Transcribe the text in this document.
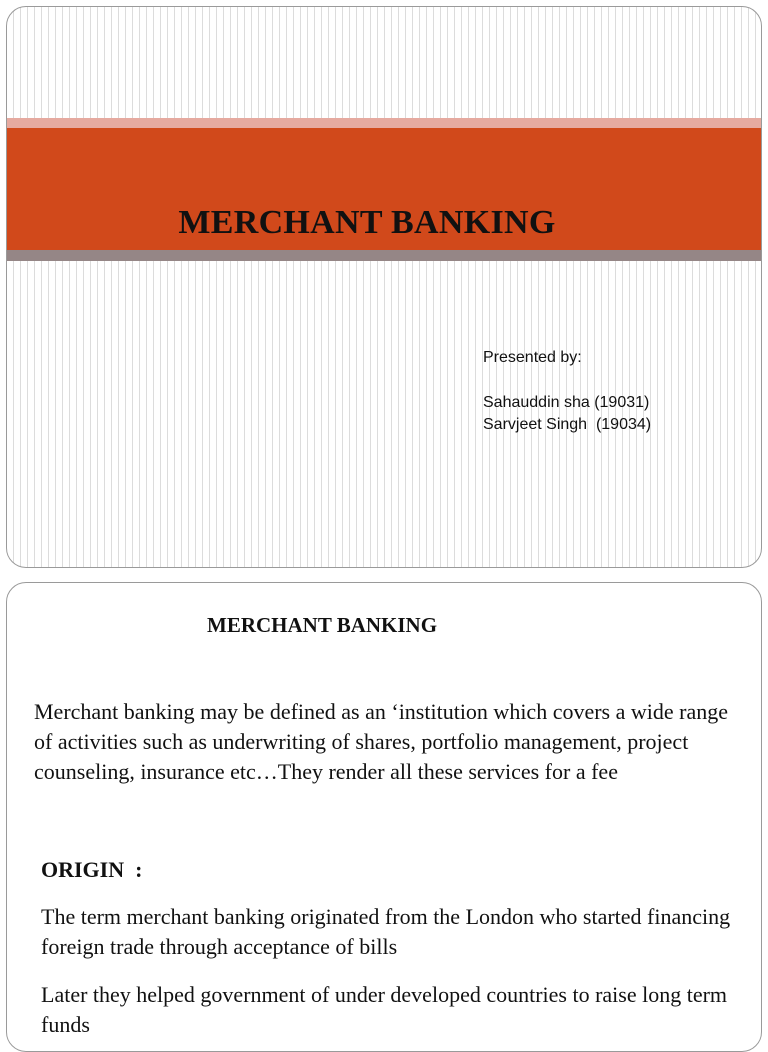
MERCHANT BANKING
Presented by:
Sahauddin sha (19031)
Sarvjeet Singh  (19034)
MERCHANT BANKING

Merchant banking may be defined as an ‘institution which covers a wide range of activities such as underwriting of shares, portfolio management, project counseling, insurance etc…They render all these services for a fee

ORIGIN  :

The term merchant banking originated from the London who started financing foreign trade through acceptance of bills

Later they helped government of under developed countries to raise long term funds
